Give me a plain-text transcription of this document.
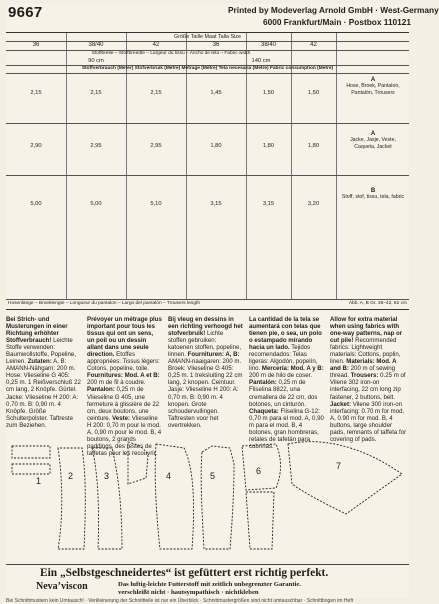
9667	Printed by Modeverlag Arnold GmbH · West-Germany
6000 Frankfurt/Main · Postbox 110121
Größe Taille Maat Talla Size
36	38/40	42	36	38/40	42
Stoffbreite – Stoffbreedte – Largeur du tissu – Ancho de tela – Fabric width
90 cm	140 cm
Stoffverbrauch (Meter) Stofverbruik (Metre) Métrage (Metre) Tela necesaria (Metre) Fabric consumption (Metre)
2,15	2,15	2,15	1,45	1,50	1,50
A
Hose, Broek, Pantalon, Pantalón, Trousers
2,90	2,95	2,95	1,80	1,80	1,80
A
Jacke, Jasje, Veste, Caqueta, Jacket
5,00	5,00	5,10	3,15	3,15	3,20
B
Stoff, stof, tissu, tela, fabric
Hosenlänge – Broeklengte – Longueur du pantalon – Largo del pantalón – Trousers length	Abb. A, B Gr. 36–42, 82 cm

Bei Strich- und Musterungen in einer Richtung erhöhter Stoffverbrauch! Leichte Stoffe verwenden: Baumwollstoffe, Popeline, Leinen. Zutaten: A, B: AMANN-Nähgarn: 200 m. Hose: Vlieseline G 405: 0,25 m. 1 Reißverschluß 22 cm lang, 2 Knöpfe. Gürtel. Jacke: Vlieseline H 200: A: 0,70 m. B: 0,90 m. 4 Knöpfe. Größe Schulterpolster. Taftreste zum Beziehen.

Prévoyer un métrage plus important pour tous les tissus qui ont un sens, un poil ou un dessin allant dans une seule direction. Etoffes appropriées: Tissus légers: Cotons, popeline, toile. Fournitures: Mod. A et B: 200 m de fil à coudre. Pantalon: 0,25 m de Vlieseline G 405, une fermeture à glissière de 22 cm, deux boutons, une ceinture. Veste: Vlieseline H 200: 0,70 m pour le mod. A, 0,90 m pour le mod. B, 4 boutons, 2 grands paddings, des restes de taffetas pour les recouvrir.

Bij vleug en dessins in een richting verhoogd het stofverbruik! Lichte stoffen gebruiken: katoenen stoffen, popeline, linnen. Fournituren: A, B: AMANN-naaigaren: 200 m. Broek: Vlieseline G 405: 0,25 m. 1 treksluiting 22 cm lang, 2 knopen. Ceintuur. Jasje: Vlieseline H 200: A: 0,70 m. B: 0,90 m. 4 knopen. Grote schoudervullingen. Taftresten voor het overtrekken.

La cantidad de la tela se aumentará con telas que tienen pie, o sea, un polo o estampado mirando hacia un lado. Tejidos recomendados: Telas ligeras: Algodón, popelín, lino. Mercería: Mod. A y B: 200 m de hilo de coser. Pantalón: 0,25 m de Fliselina 8822, una cremallera de 22 cm, dos botones, un cinturón. Chaqueta: Fliselina G-12: 0,70 m para el mod. A, 0,90 m para el mod. B, 4 botones, gran hombreras, retales de tafetán para cubrirlas.

Allow for extra material when using fabrics with one-way patterns, nap or cut pile! Recommended fabrics: Lightweight materials: Cottons, poplin, linen. Materials: Mod. A and B: 200 m of sewing thread. Trousers: 0.25 m of Vilene 302 iron-on interfacing, 22 cm long zip fastener, 2 buttons, belt. Jacket: Vilene 300 iron-on interfacing: 0.70 m for mod. A, 0.90 m for mod. B, 4 buttons, large shoulder pads, remnants of taffeta for covering of pads.

1	2	3	4	5	6	7
Ein „Selbstgeschneidertes“ ist gefüttert erst richtig perfekt.
Neva’viscon	Das luftig-leichte Futterstoff mit zeitlich unbegrenzter Garantie.
verschleißt nicht · hautsympathisch · nichtkleben
Bei Schnittmustern kein Umtausch! · Verkleinerung der Schnittteile ist nur ein Überblick · Schnittmustergrößen sind nicht umtauschbar · Schnittbogen im Heft
